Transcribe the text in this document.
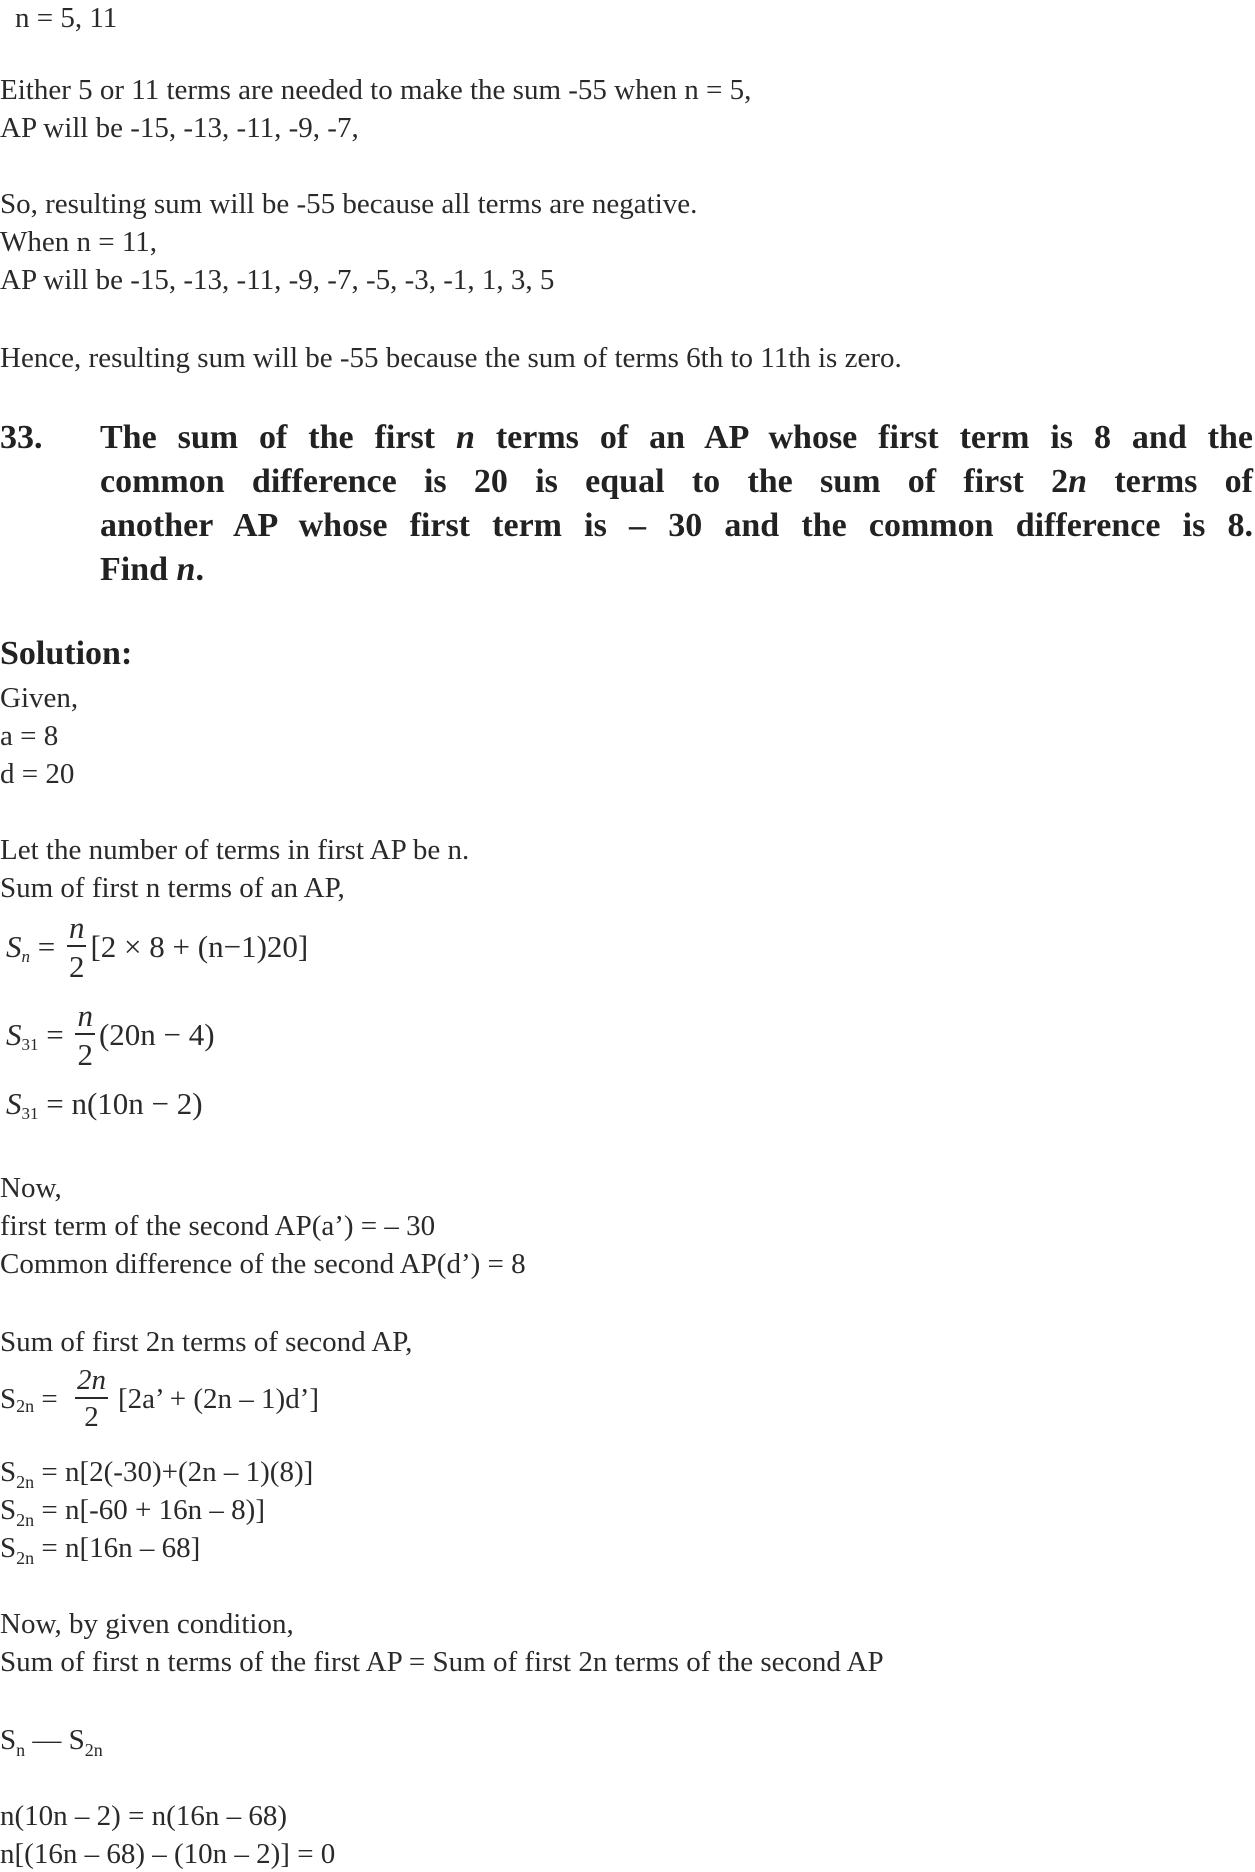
n = 5, 11
Either 5 or 11 terms are needed to make the sum -55 when n = 5,
AP will be -15, -13, -11, -9, -7,
So, resulting sum will be -55 because all terms are negative.
When n = 11,
AP will be -15, -13, -11, -9, -7, -5, -3, -1, 1, 3, 5
Hence, resulting sum will be -55 because the sum of terms 6th to 11th is zero.
33. The sum of the first n terms of an AP whose first term is 8 and the
common difference is 20 is equal to the sum of first 2n terms of
another AP whose first term is – 30 and the common difference is 8.
Find n.
Solution:
Given,
a = 8
d = 20
Let the number of terms in first AP be n.
Sum of first n terms of an AP,
S $n = \frac{n}{2} [2 \times 8 + (n-1)20]$
S $31 = \frac{n}{2} (20n - 4)$
S 31 = n(10n − 2)
Now,
first term of the second AP(a’) = – 30
Common difference of the second AP(d’) = 8
Sum of first 2n terms of second AP,
S $2n = \frac{2n}{2} [2a$’ + (2n – 1)d’]
$S_{2n} = n[2(-30)+(2n - 1)(8)]$
$S_{2n} = n[-60 + 16n - 8)$]
$S_{2n} = n[16n - 68]$
Now, by given condition,
Sum of first n terms of the first AP = Sum of first 2n terms of the second AP
$S_n$ — $S_{2n}$
n(10n – 2) = n(16n – 68)
n[(16n – 68) – (10n – 2)] = 0
